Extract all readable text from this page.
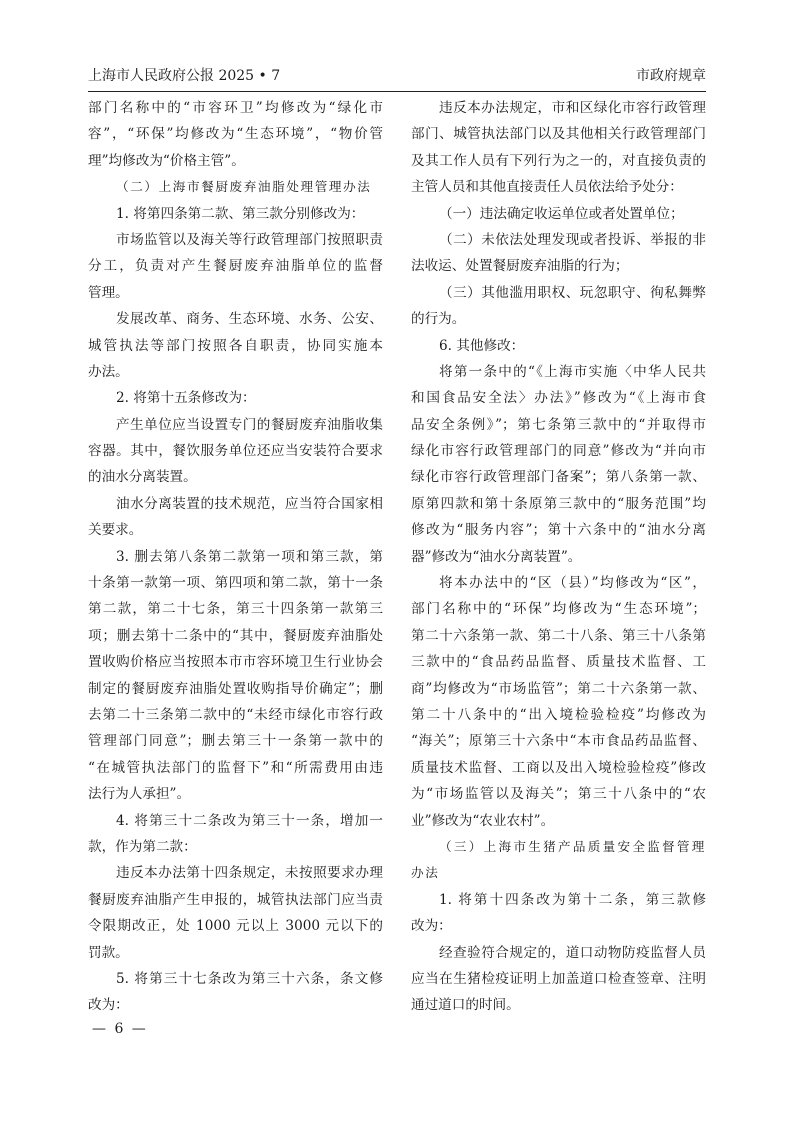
上海市人民政府公报 2025 • 7	市政府规章
部门名称中的“市容环卫”均修改为“绿化市
容”，“环保”均修改为“生态环境”，“物价管
理”均修改为“价格主管”。
（二）上海市餐厨废弃油脂处理管理办法
1. 将第四条第二款、第三款分别修改为：
市场监管以及海关等行政管理部门按照职责
分工，负责对产生餐厨废弃油脂单位的监督
管理。
发展改革、商务、生态环境、水务、公安、
城管执法等部门按照各自职责，协同实施本
办法。
2. 将第十五条修改为：
产生单位应当设置专门的餐厨废弃油脂收集
容器。其中，餐饮服务单位还应当安装符合要求
的油水分离装置。
油水分离装置的技术规范，应当符合国家相
关要求。
3. 删去第八条第二款第一项和第三款，第
十条第一款第一项、第四项和第二款，第十一条
第二款，第二十七条，第三十四条第一款第三
项；删去第十二条中的“其中，餐厨废弃油脂处
置收购价格应当按照本市市容环境卫生行业协会
制定的餐厨废弃油脂处置收购指导价确定”；删
去第二十三条第二款中的“未经市绿化市容行政
管理部门同意”；删去第三十一条第一款中的
“在城管执法部门的监督下”和“所需费用由违
法行为人承担”。
4. 将第三十二条改为第三十一条，增加一
款，作为第二款：
违反本办法第十四条规定，未按照要求办理
餐厨废弃油脂产生申报的，城管执法部门应当责
令限期改正，处 1000 元以上 3000 元以下的
罚款。
5. 将第三十七条改为第三十六条，条文修
改为：
违反本办法规定，市和区绿化市容行政管理
部门、城管执法部门以及其他相关行政管理部门
及其工作人员有下列行为之一的，对直接负责的
主管人员和其他直接责任人员依法给予处分：
（一）违法确定收运单位或者处置单位；
（二）未依法处理发现或者投诉、举报的非
法收运、处置餐厨废弃油脂的行为；
（三）其他滥用职权、玩忽职守、徇私舞弊
的行为。
6. 其他修改：
将第一条中的“《上海市实施〈中华人民共
和国食品安全法〉办法》”修改为“《上海市食
品安全条例》”；第七条第三款中的“并取得市
绿化市容行政管理部门的同意”修改为“并向市
绿化市容行政管理部门备案”；第八条第一款、
原第四款和第十条原第三款中的“服务范围”均
修改为“服务内容”；第十六条中的“油水分离
器”修改为“油水分离装置”。
将本办法中的“区（县）”均修改为“区”，
部门名称中的“环保”均修改为“生态环境”；
第二十六条第一款、第二十八条、第三十八条第
三款中的“食品药品监督、质量技术监督、工
商”均修改为“市场监管”；第二十六条第一款、
第二十八条中的“出入境检验检疫”均修改为
“海关”；原第三十六条中“本市食品药品监督、
质量技术监督、工商以及出入境检验检疫”修改
为“市场监管以及海关”；第三十八条中的“农
业”修改为“农业农村”。
（三）上海市生猪产品质量安全监督管理
办法
1. 将第十四条改为第十二条，第三款修
改为：
经查验符合规定的，道口动物防疫监督人员
应当在生猪检疫证明上加盖道口检查签章、注明
通过道口的时间。
— 6 —
